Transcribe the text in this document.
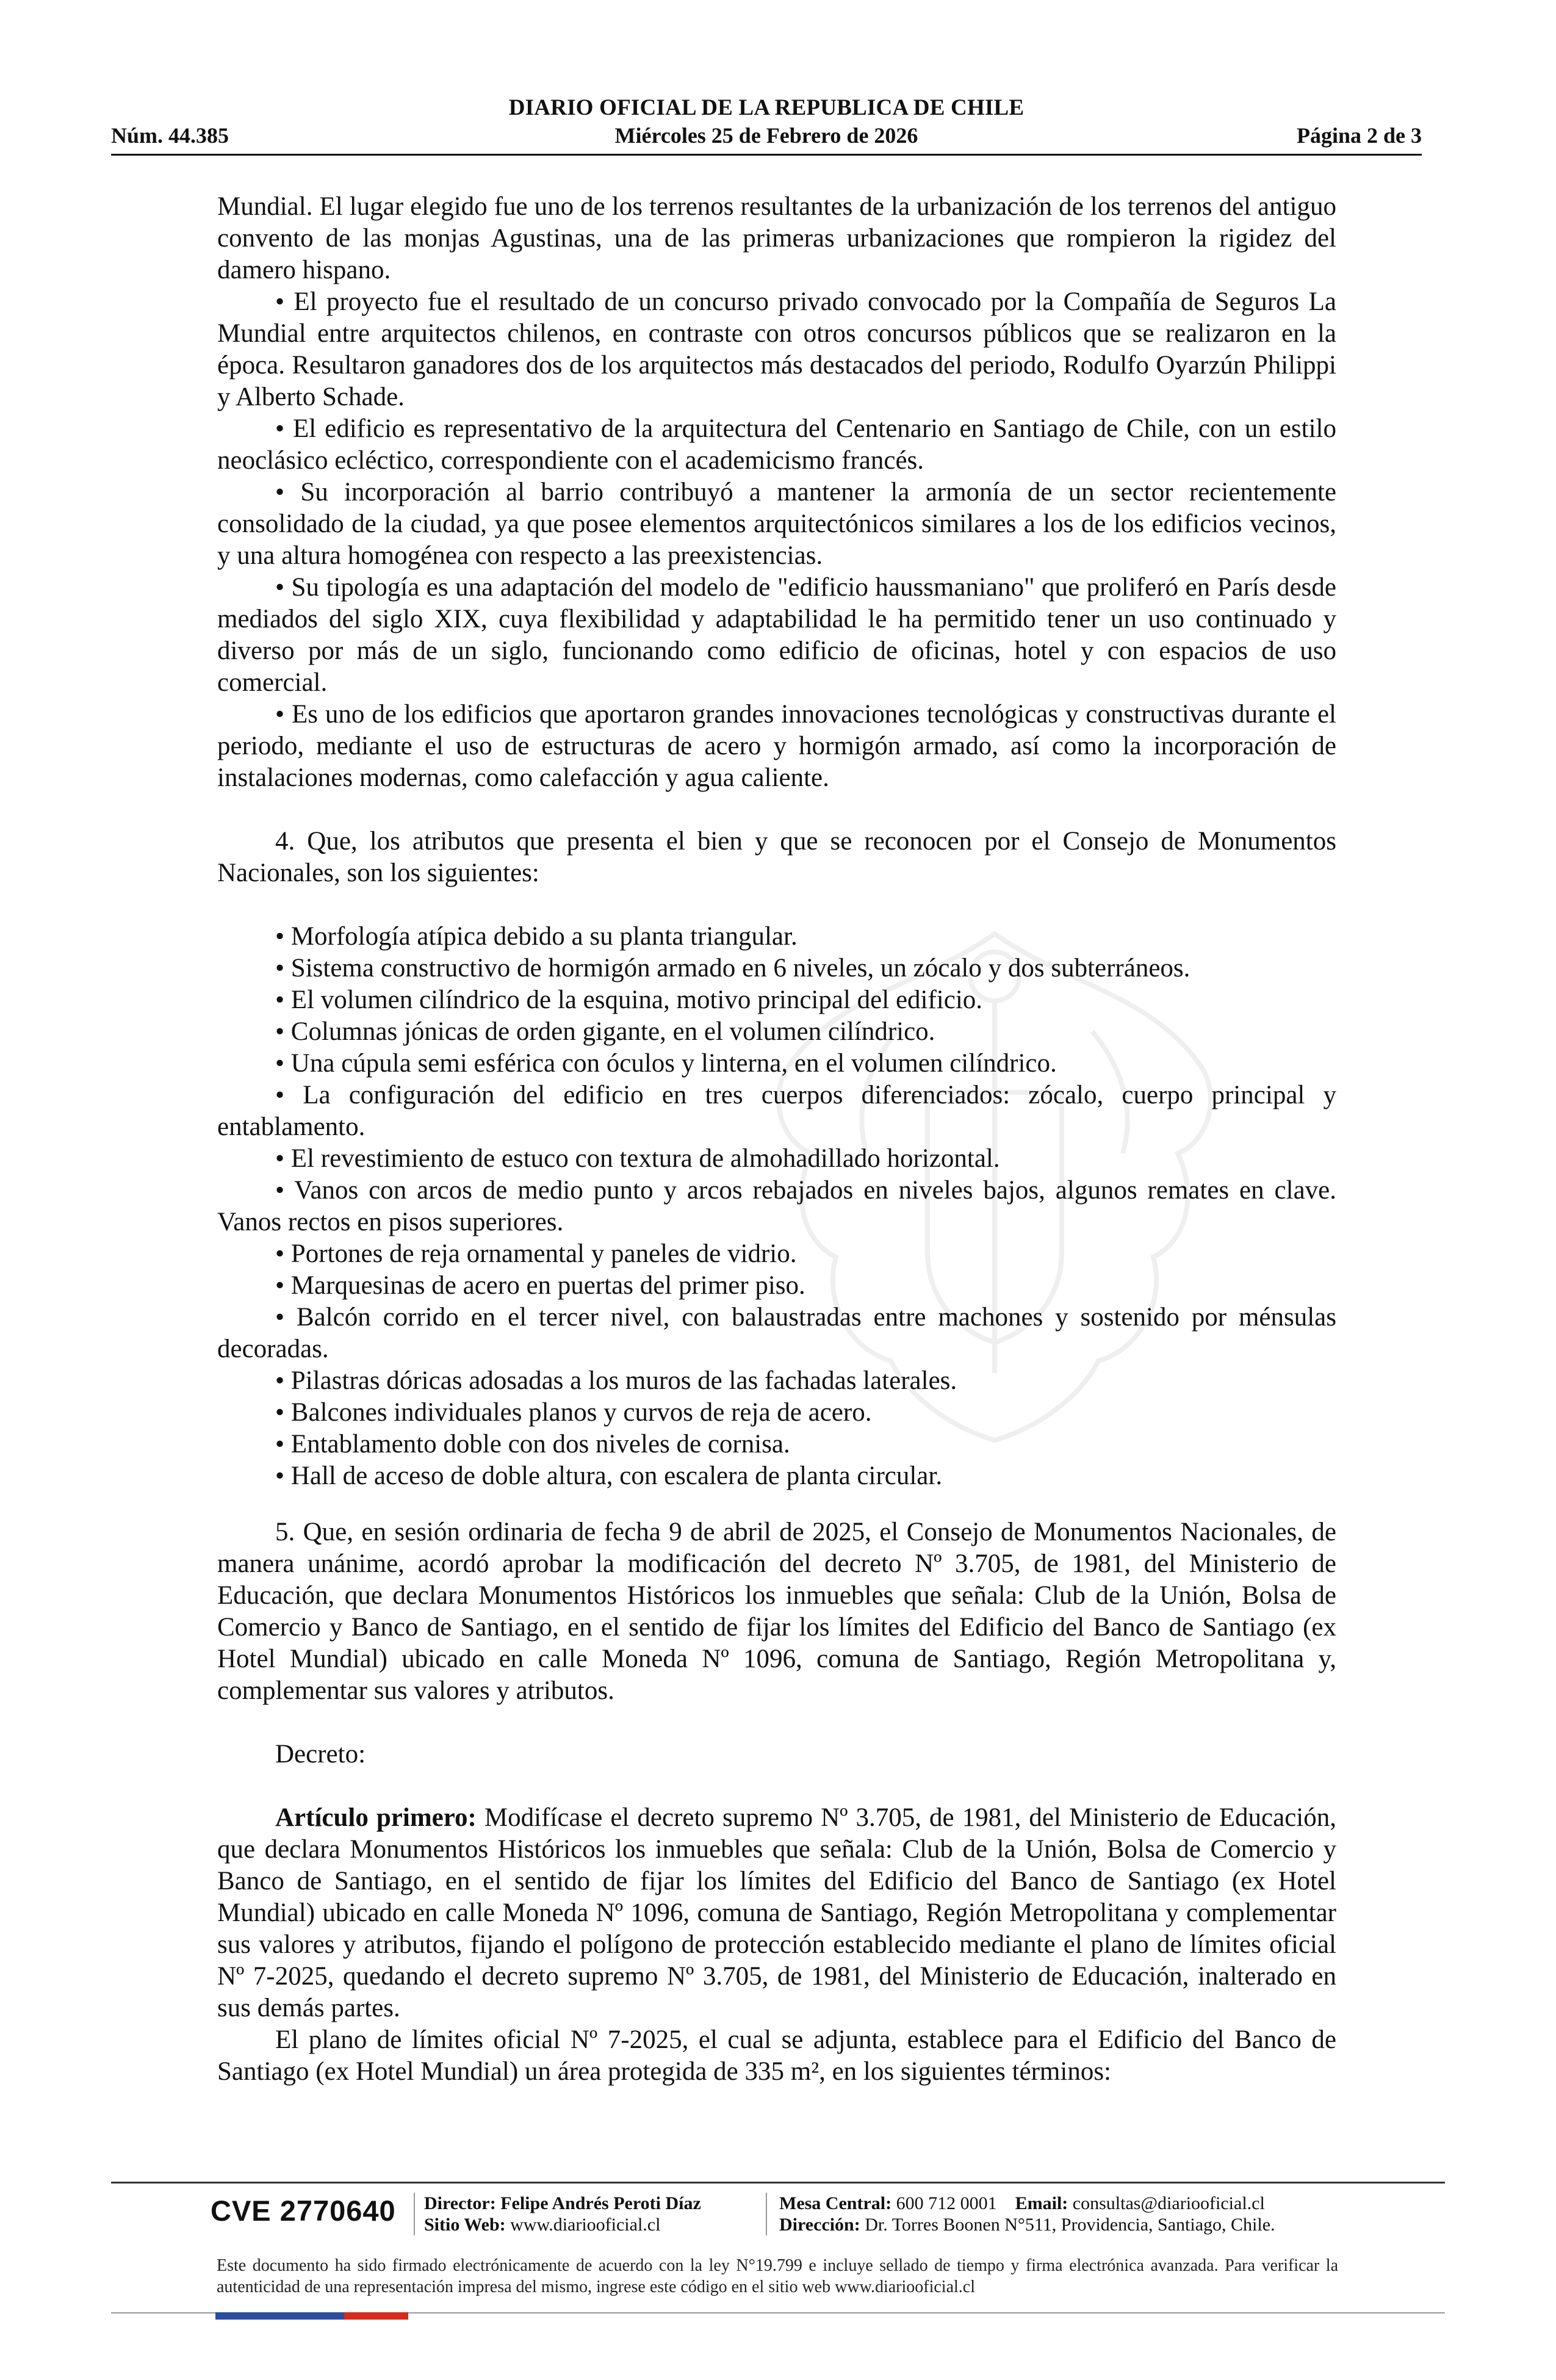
DIARIO OFICIAL DE LA REPUBLICA DE CHILE
Núm. 44.385	Miércoles 25 de Febrero de 2026	Página 2 de 3

Mundial. El lugar elegido fue uno de los terrenos resultantes de la urbanización de los terrenos del antiguo convento de las monjas Agustinas, una de las primeras urbanizaciones que rompieron la rigidez del damero hispano.

• El proyecto fue el resultado de un concurso privado convocado por la Compañía de Seguros La Mundial entre arquitectos chilenos, en contraste con otros concursos públicos que se realizaron en la época. Resultaron ganadores dos de los arquitectos más destacados del periodo, Rodulfo Oyarzún Philippi y Alberto Schade.

• El edificio es representativo de la arquitectura del Centenario en Santiago de Chile, con un estilo neoclásico ecléctico, correspondiente con el academicismo francés.

• Su incorporación al barrio contribuyó a mantener la armonía de un sector recientemente consolidado de la ciudad, ya que posee elementos arquitectónicos similares a los de los edificios vecinos, y una altura homogénea con respecto a las preexistencias.

• Su tipología es una adaptación del modelo de "edificio haussmaniano" que proliferó en París desde mediados del siglo XIX, cuya flexibilidad y adaptabilidad le ha permitido tener un uso continuado y diverso por más de un siglo, funcionando como edificio de oficinas, hotel y con espacios de uso comercial.

• Es uno de los edificios que aportaron grandes innovaciones tecnológicas y constructivas durante el periodo, mediante el uso de estructuras de acero y hormigón armado, así como la incorporación de instalaciones modernas, como calefacción y agua caliente.

4. Que, los atributos que presenta el bien y que se reconocen por el Consejo de Monumentos Nacionales, son los siguientes:

• Morfología atípica debido a su planta triangular.

• Sistema constructivo de hormigón armado en 6 niveles, un zócalo y dos subterráneos.

• El volumen cilíndrico de la esquina, motivo principal del edificio.

• Columnas jónicas de orden gigante, en el volumen cilíndrico.

• Una cúpula semi esférica con óculos y linterna, en el volumen cilíndrico.

• La configuración del edificio en tres cuerpos diferenciados: zócalo, cuerpo principal y entablamento.

• El revestimiento de estuco con textura de almohadillado horizontal.

• Vanos con arcos de medio punto y arcos rebajados en niveles bajos, algunos remates en clave. Vanos rectos en pisos superiores.

• Portones de reja ornamental y paneles de vidrio.

• Marquesinas de acero en puertas del primer piso.

• Balcón corrido en el tercer nivel, con balaustradas entre machones y sostenido por ménsulas decoradas.

• Pilastras dóricas adosadas a los muros de las fachadas laterales.

• Balcones individuales planos y curvos de reja de acero.

• Entablamento doble con dos niveles de cornisa.

• Hall de acceso de doble altura, con escalera de planta circular.

5. Que, en sesión ordinaria de fecha 9 de abril de 2025, el Consejo de Monumentos Nacionales, de manera unánime, acordó aprobar la modificación del decreto Nº 3.705, de 1981, del Ministerio de Educación, que declara Monumentos Históricos los inmuebles que señala: Club de la Unión, Bolsa de Comercio y Banco de Santiago, en el sentido de fijar los límites del Edificio del Banco de Santiago (ex Hotel Mundial) ubicado en calle Moneda Nº 1096, comuna de Santiago, Región Metropolitana y, complementar sus valores y atributos.

Decreto:

Artículo primero: Modifícase el decreto supremo Nº 3.705, de 1981, del Ministerio de Educación, que declara Monumentos Históricos los inmuebles que señala: Club de la Unión, Bolsa de Comercio y Banco de Santiago, en el sentido de fijar los límites del Edificio del Banco de Santiago (ex Hotel Mundial) ubicado en calle Moneda Nº 1096, comuna de Santiago, Región Metropolitana y complementar sus valores y atributos, fijando el polígono de protección establecido mediante el plano de límites oficial Nº 7-2025, quedando el decreto supremo Nº 3.705, de 1981, del Ministerio de Educación, inalterado en sus demás partes.

El plano de límites oficial Nº 7-2025, el cual se adjunta, establece para el Edificio del Banco de Santiago (ex Hotel Mundial) un área protegida de 335 m², en los siguientes términos:

CVE 2770640 Director: Felipe Andrés Peroti Díaz
Sitio Web: www.diariooficial.cl
Mesa Central: 600 712 0001 Email: consultas@diariooficial.cl
Dirección: Dr. Torres Boonen N°511, Providencia, Santiago, Chile.
Este documento ha sido firmado electrónicamente de acuerdo con la ley N°19.799 e incluye sellado de tiempo y firma electrónica avanzada. Para verificar la autenticidad de una representación impresa del mismo, ingrese este código en el sitio web www.diariooficial.cl
